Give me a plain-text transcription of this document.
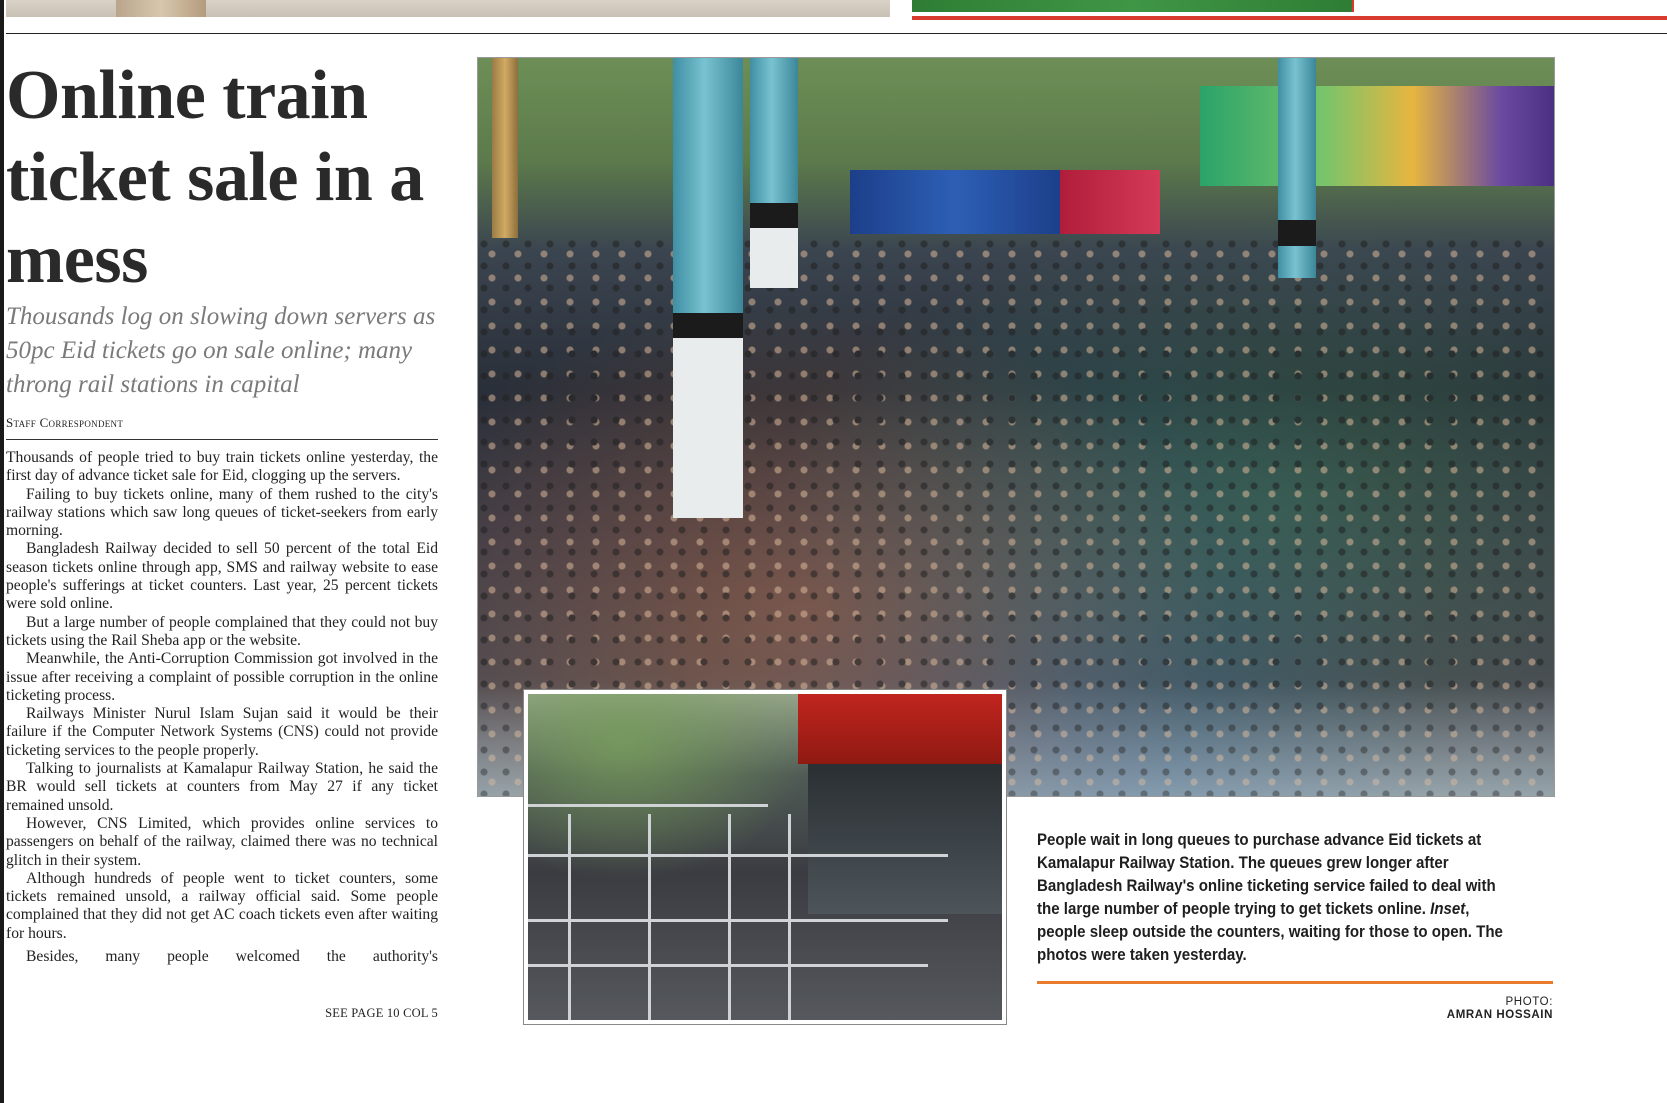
Online train ticket sale in a mess

Thousands log on slowing down servers as 50pc Eid tickets go on sale online; many throng rail stations in capital

Staff Correspondent

Thousands of people tried to buy train tickets online yesterday, the first day of advance ticket sale for Eid, clogging up the servers.

Failing to buy tickets online, many of them rushed to the city's railway stations which saw long queues of ticket-seekers from early morning.

Bangladesh Railway decided to sell 50 percent of the total Eid season tickets online through app, SMS and railway website to ease people's sufferings at ticket counters. Last year, 25 percent tickets were sold online.

But a large number of people complained that they could not buy tickets using the Rail Sheba app or the website.

Meanwhile, the Anti-Corruption Commission got involved in the issue after receiving a complaint of possible corruption in the online ticketing process.

Railways Minister Nurul Islam Sujan said it would be their failure if the Computer Network Systems (CNS) could not provide ticketing services to the people properly.

Talking to journalists at Kamalapur Railway Station, he said the BR would sell tickets at counters from May 27 if any ticket remained unsold.

However, CNS Limited, which provides online services to passengers on behalf of the railway, claimed there was no technical glitch in their system.

Although hundreds of people went to ticket counters, some tickets remained unsold, a railway official said. Some people complained that they did not get AC coach tickets even after waiting for hours.

Besides, many people welcomed the authority's

SEE PAGE 10 COL 5

People wait in long queues to purchase advance Eid tickets at Kamalapur Railway Station. The queues grew longer after Bangladesh Railway's online ticketing service failed to deal with the large number of people trying to get tickets online. Inset, people sleep outside the counters, waiting for those to open. The photos were taken yesterday.

PHOTO:
AMRAN HOSSAIN
